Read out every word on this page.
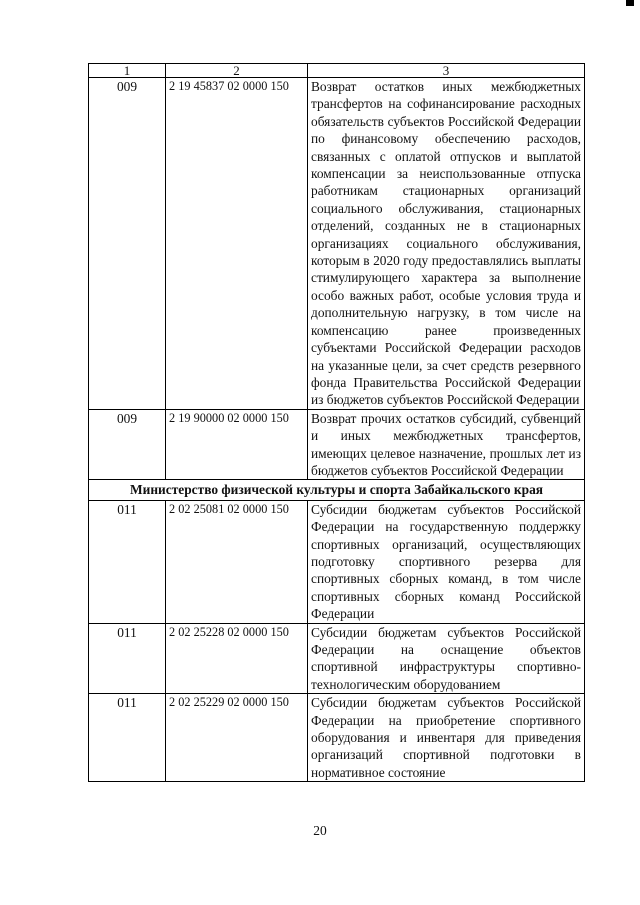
1	2	3
009	2 19 45837 02 0000 150	Возврат остатков иных межбюджетных трансфертов на софинансирование расходных обязательств субъектов Российской Федерации по финансовому обеспечению расходов, связанных с оплатой отпусков и выплатой компенсации за неиспользованные отпуска работникам стационарных организаций социального обслуживания, стационарных отделений, созданных не в стационарных организациях социального обслуживания, которым в 2020 году предоставлялись выплаты стимулирующего характера за выполнение особо важных работ, особые условия труда и дополнительную нагрузку, в том числе на компенсацию ранее произведенных субъектами Российской Федерации расходов на указанные цели, за счет средств резервного фонда Правительства Российской Федерации из бюджетов субъектов Российской Федерации
009	2 19 90000 02 0000 150	Возврат прочих остатков субсидий, субвенций и иных межбюджетных трансфертов, имеющих целевое назначение, прошлых лет из бюджетов субъектов Российской Федерации
Министерство физической культуры и спорта Забайкальского края		
011	2 02 25081 02 0000 150	Субсидии бюджетам субъектов Российской Федерации на государственную поддержку спортивных организаций, осуществляющих подготовку спортивного резерва для спортивных сборных команд, в том числе спортивных сборных команд Российской Федерации
011	2 02 25228 02 0000 150	Субсидии бюджетам субъектов Российской Федерации на оснащение объектов спортивной инфраструктуры спортивно-технологическим оборудованием
011	2 02 25229 02 0000 150	Субсидии бюджетам субъектов Российской Федерации на приобретение спортивного оборудования и инвентаря для приведения организаций спортивной подготовки в нормативное состояние
20
